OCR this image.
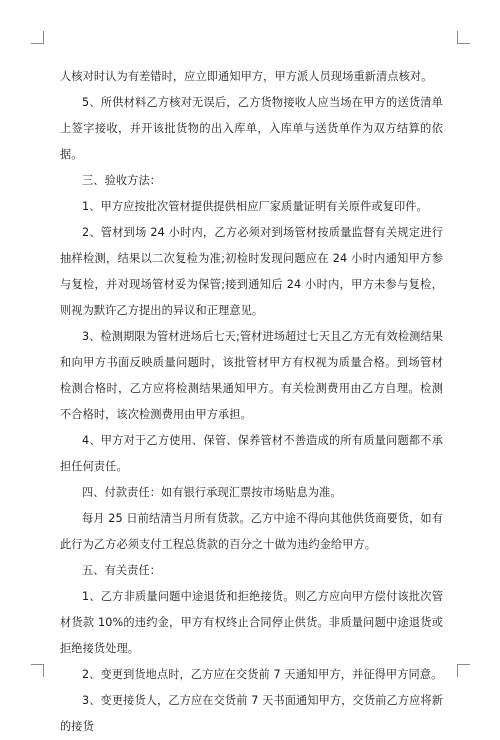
人核对时认为有差错时，应立即通知甲方，甲方派人员现场重新清点核对。

5、所供材料乙方核对无误后，乙方货物接收人应当场在甲方的送货清单上签字接收，并开该批货物的出入库单，入库单与送货单作为双方结算的依据。

三、验收方法：

1、甲方应按批次管材提供提供相应厂家质量证明有关原件或复印件。

2、管材到场 24 小时内，乙方必须对到场管材按质量监督有关规定进行抽样检测，结果以二次复检为准;初检时发现问题应在 24 小时内通知甲方参与复检，并对现场管材妥为保管;接到通知后 24 小时内，甲方未参与复检，则视为默许乙方提出的异议和正理意见。

3、检测期限为管材进场后七天;管材进场超过七天且乙方无有效检测结果和向甲方书面反映质量问题时，该批管材甲方有权视为质量合格。到场管材检测合格时，乙方应将检测结果通知甲方。有关检测费用由乙方自理。检测不合格时，该次检测费用由甲方承担。

4、甲方对于乙方使用、保管、保养管材不善造成的所有质量问题都不承担任何责任。

四、付款责任：如有银行承现汇票按市场贴息为准。

每月 25 日前结清当月所有货款。乙方中途不得向其他供货商要货，如有此行为乙方必须支付工程总货款的百分之十做为违约金给甲方。

五、有关责任：

1、乙方非质量问题中途退货和拒绝接货。则乙方应向甲方偿付该批次管材货款 10%的违约金，甲方有权终止合同停止供货。非质量问题中途退货或拒绝接货处理。

2、变更到货地点时，乙方应在交货前 7 天通知甲方，并征得甲方同意。

3、变更接货人，乙方应在交货前 7 天书面通知甲方，交货前乙方应将新的接货
